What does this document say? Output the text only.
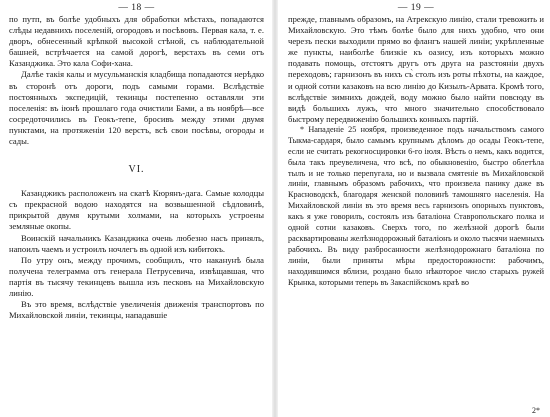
— 18 —

по путп, въ болѣе удобныхъ для обработки мѣстахъ, попадаются слѣды недавнихъ поселеній, огородовъ и посѣвовъ. Первая кала, т. е. дворъ, обнесенный крѣпкой высокой стѣной, съ наблюдательной башней, встрѣчается на самой дорогѣ, верстахъ въ семи отъ Казанджика. Это кала Софи-хана.

Далѣе такія калы и мусульманскія кладбища попадаются нерѣдко въ сторонѣ отъ дороги, подъ самыми горами. Вслѣдствіе постоянныхъ экспедицій, текинцы постепенно оставляли эти поселенія: въ іюнѣ прошлаго года очистили Бами, а въ ноябрѣ—все сосредоточились въ Геокъ-тепе, бросивъ между этими двумя пунктами, на протяженіи 120 верстъ, всѣ свои посѣвы, огороды и сады.

VI.

Казанджикъ расположенъ на скатѣ Кюрянъ-дага. Самые колодцы съ прекрасной водою находятся на возвышенной сѣдловинѣ, прикрытой двумя крутыми холмами, на которыхъ устроены земляные окопы.

Воинскій начальникъ Казанджика очень любезно насъ принялъ, напоилъ чаемъ и устроилъ ночлегъ въ одной изъ кибитокъ.

По утру онъ, между прочимъ, сообщилъ, что наканунѣ была получена телеграмма отъ генерала Петрусевича, извѣщавшая, что партія въ тысячу текинцевъ вышла изъ песковъ на Михайловскую линію.

Въ это время, вслѣдствіе увеличенія движенія транспортовъ по Михайловской линіи, текинцы, нападавшіе

— 19 —

прежде, главнымъ образомъ, на Атрекскую линію, стали тревожить и Михайловскую. Это тѣмъ болѣе было для нихъ удобно, что они черезъ пески выходили прямо во флангъ нашей линіи; укрѣпленные же пункты, наиболѣе близкіе къ оазису, изъ которыхъ можно подавать помощь, отстоятъ другъ отъ друга на разстояніи двухъ переходовъ; гарнизонъ въ нихъ съ̀ столъ изъ роты пѣхоты, на каждое, и одной сотни казаковъ на всю линію до Кизылъ-Арвата. Кромѣ того, вслѣдствіе зимнихъ дождей, воду можно было найти повсюду въ видѣ большихъ лужъ, что много значительно способствовало быстрому передвиженію большихъ конныхъ партій.

* Нападеніе 25 ноября, произведенное подъ начальствомъ самого Тыкма-сардаря, было самымъ крупнымъ дѣломъ до осады Геокъ-тепе, если не считать рекогносцировки 6-го іюля. Вѣсть о немъ, какъ водится, была такъ преувеличена, что всѣ, по обыкновенію, быстро облетѣла тылъ и не только перепугала, но и вызвала смятеніе въ Михайловской линіи, главнымъ образомъ рабочихъ, что произвела панику даже въ Красноводскѣ, благодаря женской половинѣ тамошняго населенія. На Михайловской линіи въ это время весь гарнизонъ опорныхъ пунктовъ, какъ я уже говорилъ, состоялъ изъ баталіона Ставропольскаго полка и одной сотни казаковъ. Сверхъ того, по желѣзной дорогѣ были расквартированы желѣзнодорожный баталіонъ и около тысячи наемныхъ рабочихъ. Въ виду разбросанности желѣзнодорожнаго баталіона по линіи, были приняты мѣры предосторожности: рабочимъ, находившимся вблизи, роздано было нѣкоторое число старыхъ ружей Крынка, которыми теперь въ Закаспійскомъ краѣ во

2*
